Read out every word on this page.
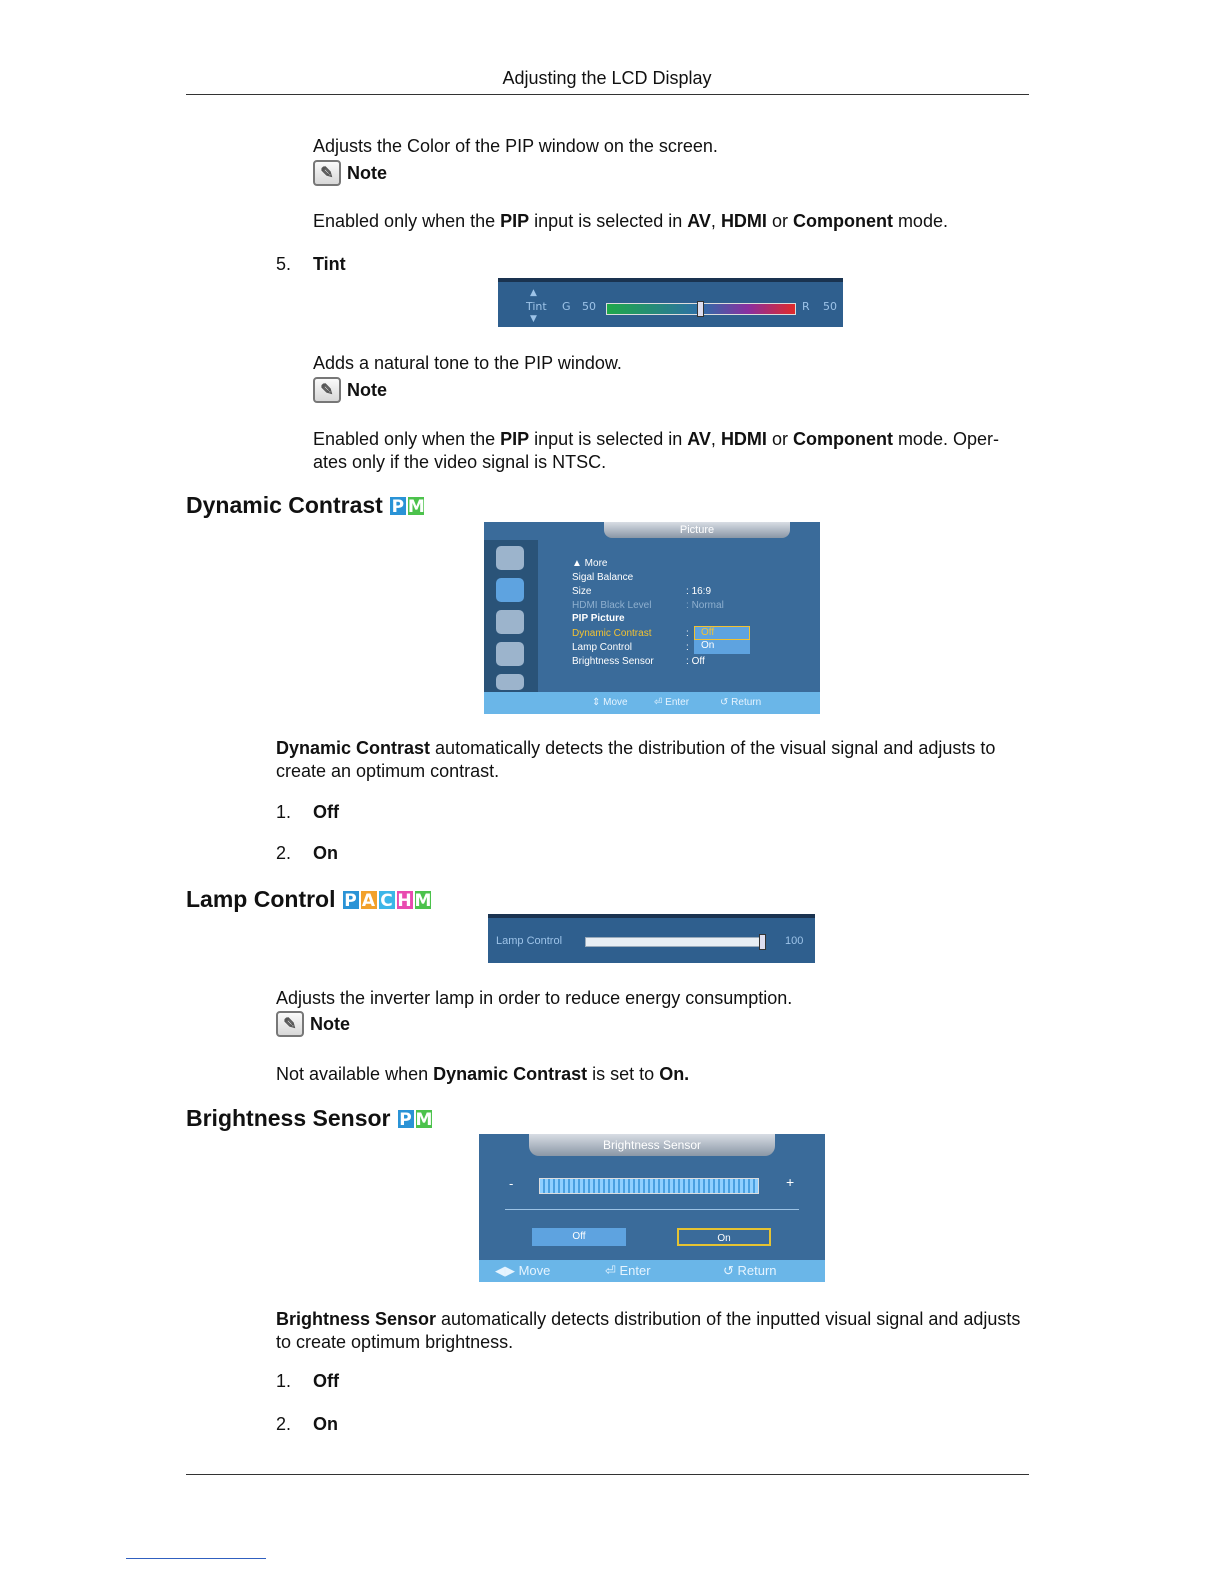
Adjusting the LCD Display
Adjusts the Color of the PIP window on the screen.
✎ Note
Enabled only when the PIP input is selected in AV, HDMI or Component mode.
5. Tint
▲
Tint
▼
G 50	R 50
Adds a natural tone to the PIP window.
✎ Note
Enabled only when the PIP input is selected in AV, HDMI or Component mode. Oper-
ates only if the video signal is NTSC.
Dynamic Contrast P M
Picture
▲ More
Sigal Balance
Size	: 16:9
HDMI Black Level	: Normal
PIP Picture
Dynamic Contrast	:	Off
Lamp Control	:	On
Brightness Sensor	: Off
⇕ Move	⏎ Enter	↺ Return
Dynamic Contrast automatically detects the distribution of the visual signal and adjusts to
create an optimum contrast.
1. Off
2. On
Lamp Control P A C H M
Lamp Control	100
Adjusts the inverter lamp in order to reduce energy consumption.
✎ Note
Not available when Dynamic Contrast is set to On.
Brightness Sensor P M
Brightness Sensor
-	+
Off	On
◀▶ Move	⏎ Enter	↺ Return
Brightness Sensor automatically detects distribution of the inputted visual signal and adjusts
to create optimum brightness.
1. Off
2. On
